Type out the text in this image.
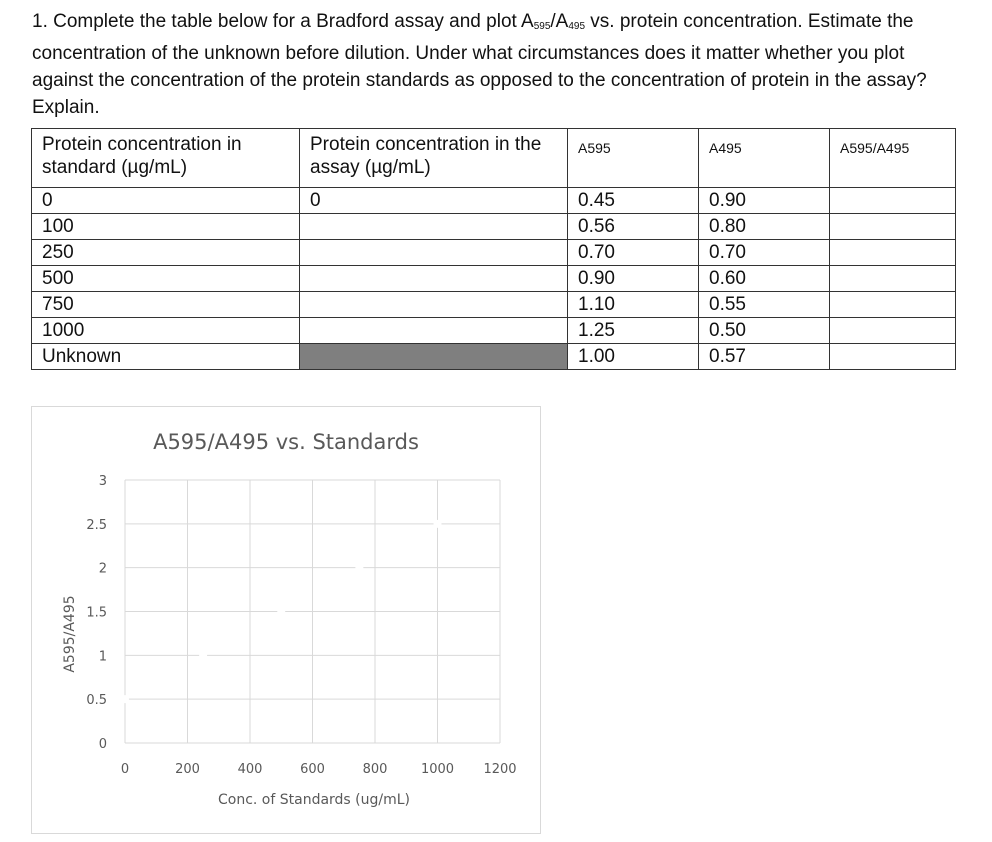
1. Complete the table below for a Bradford assay and plot $A_{595}/A_{495}$ vs. protein concentration. Estimate the concentration of the unknown before dilution. Under what circumstances does it matter whether you plot against the concentration of the protein standards as opposed to the concentration of protein in the assay? Explain.
Protein concentration in standard (µg/mL)	Protein concentration in the assay (µg/mL)	A595	A495	A595/A495
0	0	0.45	0.90	
100		0.56	0.80	
250		0.70	0.70	
500		0.90	0.60	
750		1.10	0.55	
1000		1.25	0.50	
Unknown		1.00	0.57	
A595/A495 vs. Standards
0
0.5
1
1.5
2
2.5
3
0	200	400	600	800	1000 1200
Conc. of Standards (ug/mL)
A595/A495
